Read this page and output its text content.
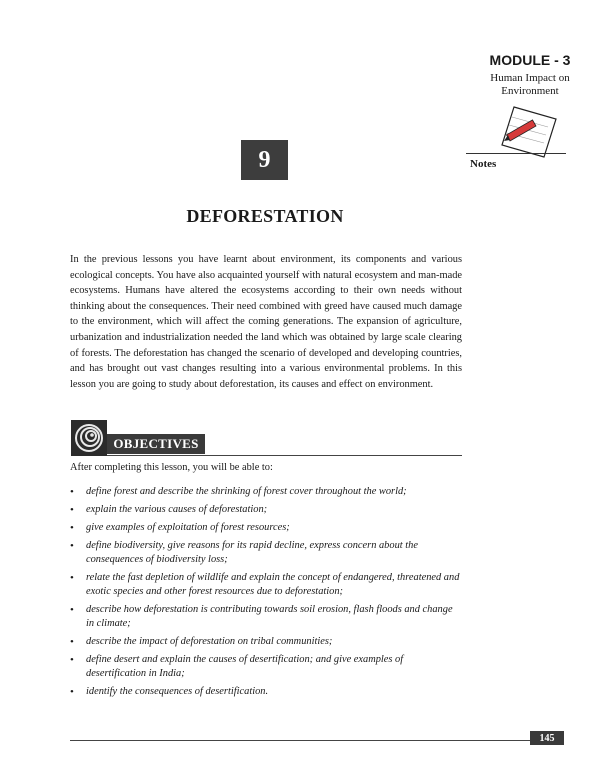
MODULE - 3
Human Impact on
Environment
Notes
9
DEFORESTATION

In the previous lessons you have learnt about environment, its components and various ecological concepts. You have also acquainted yourself with natural ecosystem and man-made ecosystems. Humans have altered the ecosystems according to their own needs without thinking about the consequences. Their need combined with greed have caused much damage to the environment, which will affect the coming generations. The expansion of agriculture, urbanization and industrialization needed the land which was obtained by large scale clearing of forests. The deforestation has changed the scenario of developed and developing countries, and has brought out vast changes resulting into a various environmental problems. In this lesson you are going to study about deforestation, its causes and effect on environment.

OBJECTIVES
After completing this lesson, you will be able to:
• define forest and describe the shrinking of forest cover throughout the world;
• explain the various causes of deforestation;
• give examples of exploitation of forest resources;
• define biodiversity, give reasons for its rapid decline, express concern about the consequences of biodiversity loss;
• relate the fast depletion of wildlife and explain the concept of endangered, threatened and exotic species and other forest resources due to deforestation;
• describe how deforestation is contributing towards soil erosion, flash floods and change in climate;
• describe the impact of deforestation on tribal communities;
• define desert and explain the causes of desertification; and give examples of desertification in India;
• identify the consequences of desertification.
145
